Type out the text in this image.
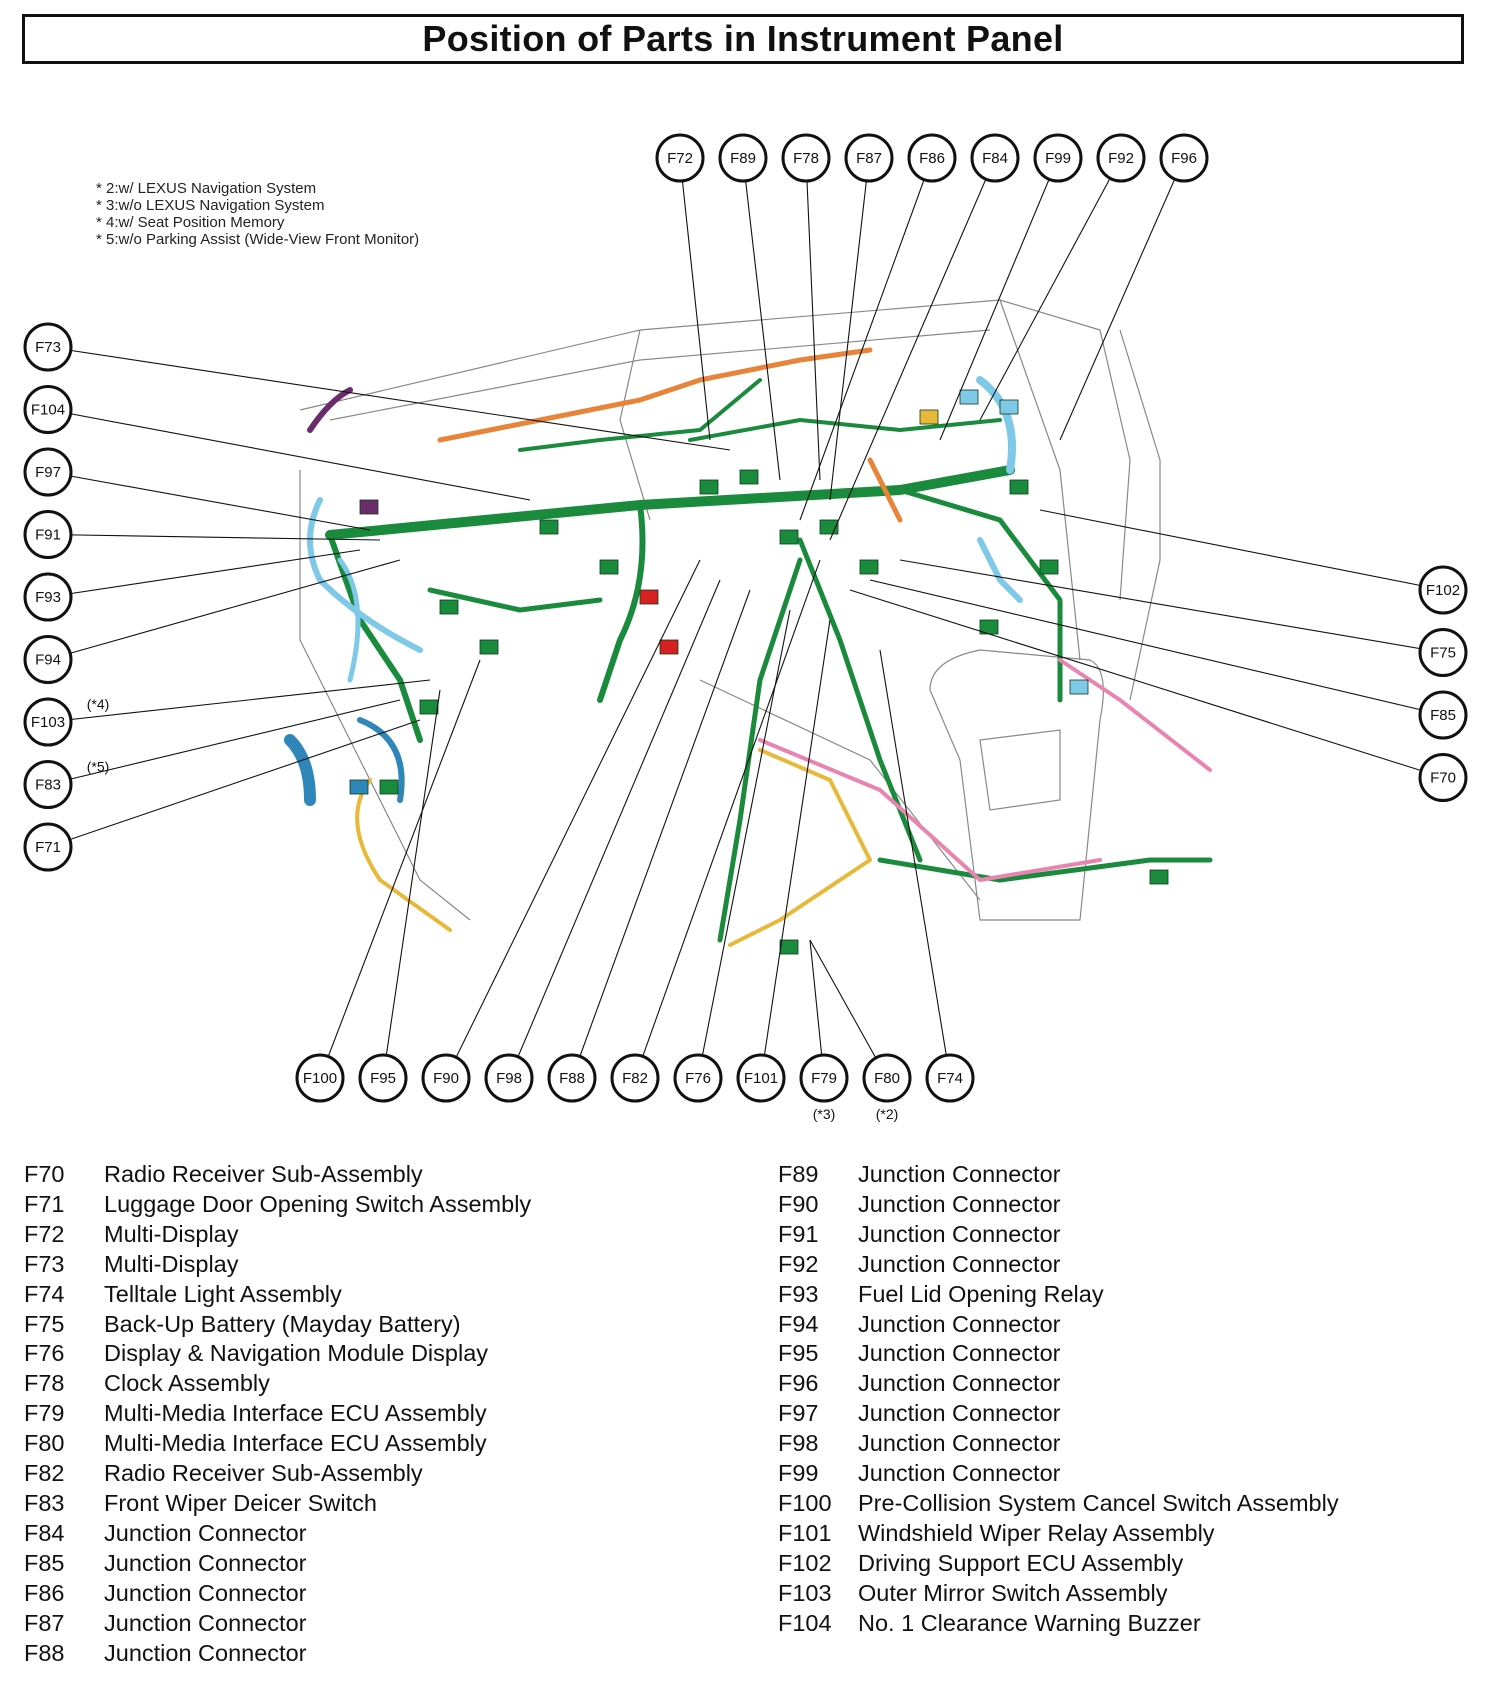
Position of Parts in Instrument Panel
* 2:w/ LEXUS Navigation System
* 3:w/o LEXUS Navigation System
* 4:w/ Seat Position Memory
* 5:w/o Parking Assist (Wide-View Front Monitor)
F72 F89 F78 F87 F86 F84 F99 F92 F96
F73
F104
F97
F91
F93
F94
F103
(*4)
F83
(*5)
F71
F102
F75
F85
F70
F100 F95 F90 F98 F88 F82 F76 F101 F79
(*3)
F80
(*2)
F74
F70	Radio Receiver Sub-Assembly
F71	Luggage Door Opening Switch Assembly
F72	Multi-Display
F73	Multi-Display
F74	Telltale Light Assembly
F75	Back-Up Battery (Mayday Battery)
F76	Display & Navigation Module Display
F78	Clock Assembly
F79	Multi-Media Interface ECU Assembly
F80	Multi-Media Interface ECU Assembly
F82	Radio Receiver Sub-Assembly
F83	Front Wiper Deicer Switch
F84	Junction Connector
F85	Junction Connector
F86	Junction Connector
F87	Junction Connector
F88	Junction Connector
F89	Junction Connector
F90	Junction Connector
F91	Junction Connector
F92	Junction Connector
F93	Fuel Lid Opening Relay
F94	Junction Connector
F95	Junction Connector
F96	Junction Connector
F97	Junction Connector
F98	Junction Connector
F99	Junction Connector
F100	Pre-Collision System Cancel Switch Assembly
F101	Windshield Wiper Relay Assembly
F102	Driving Support ECU Assembly
F103	Outer Mirror Switch Assembly
F104	No. 1 Clearance Warning Buzzer
